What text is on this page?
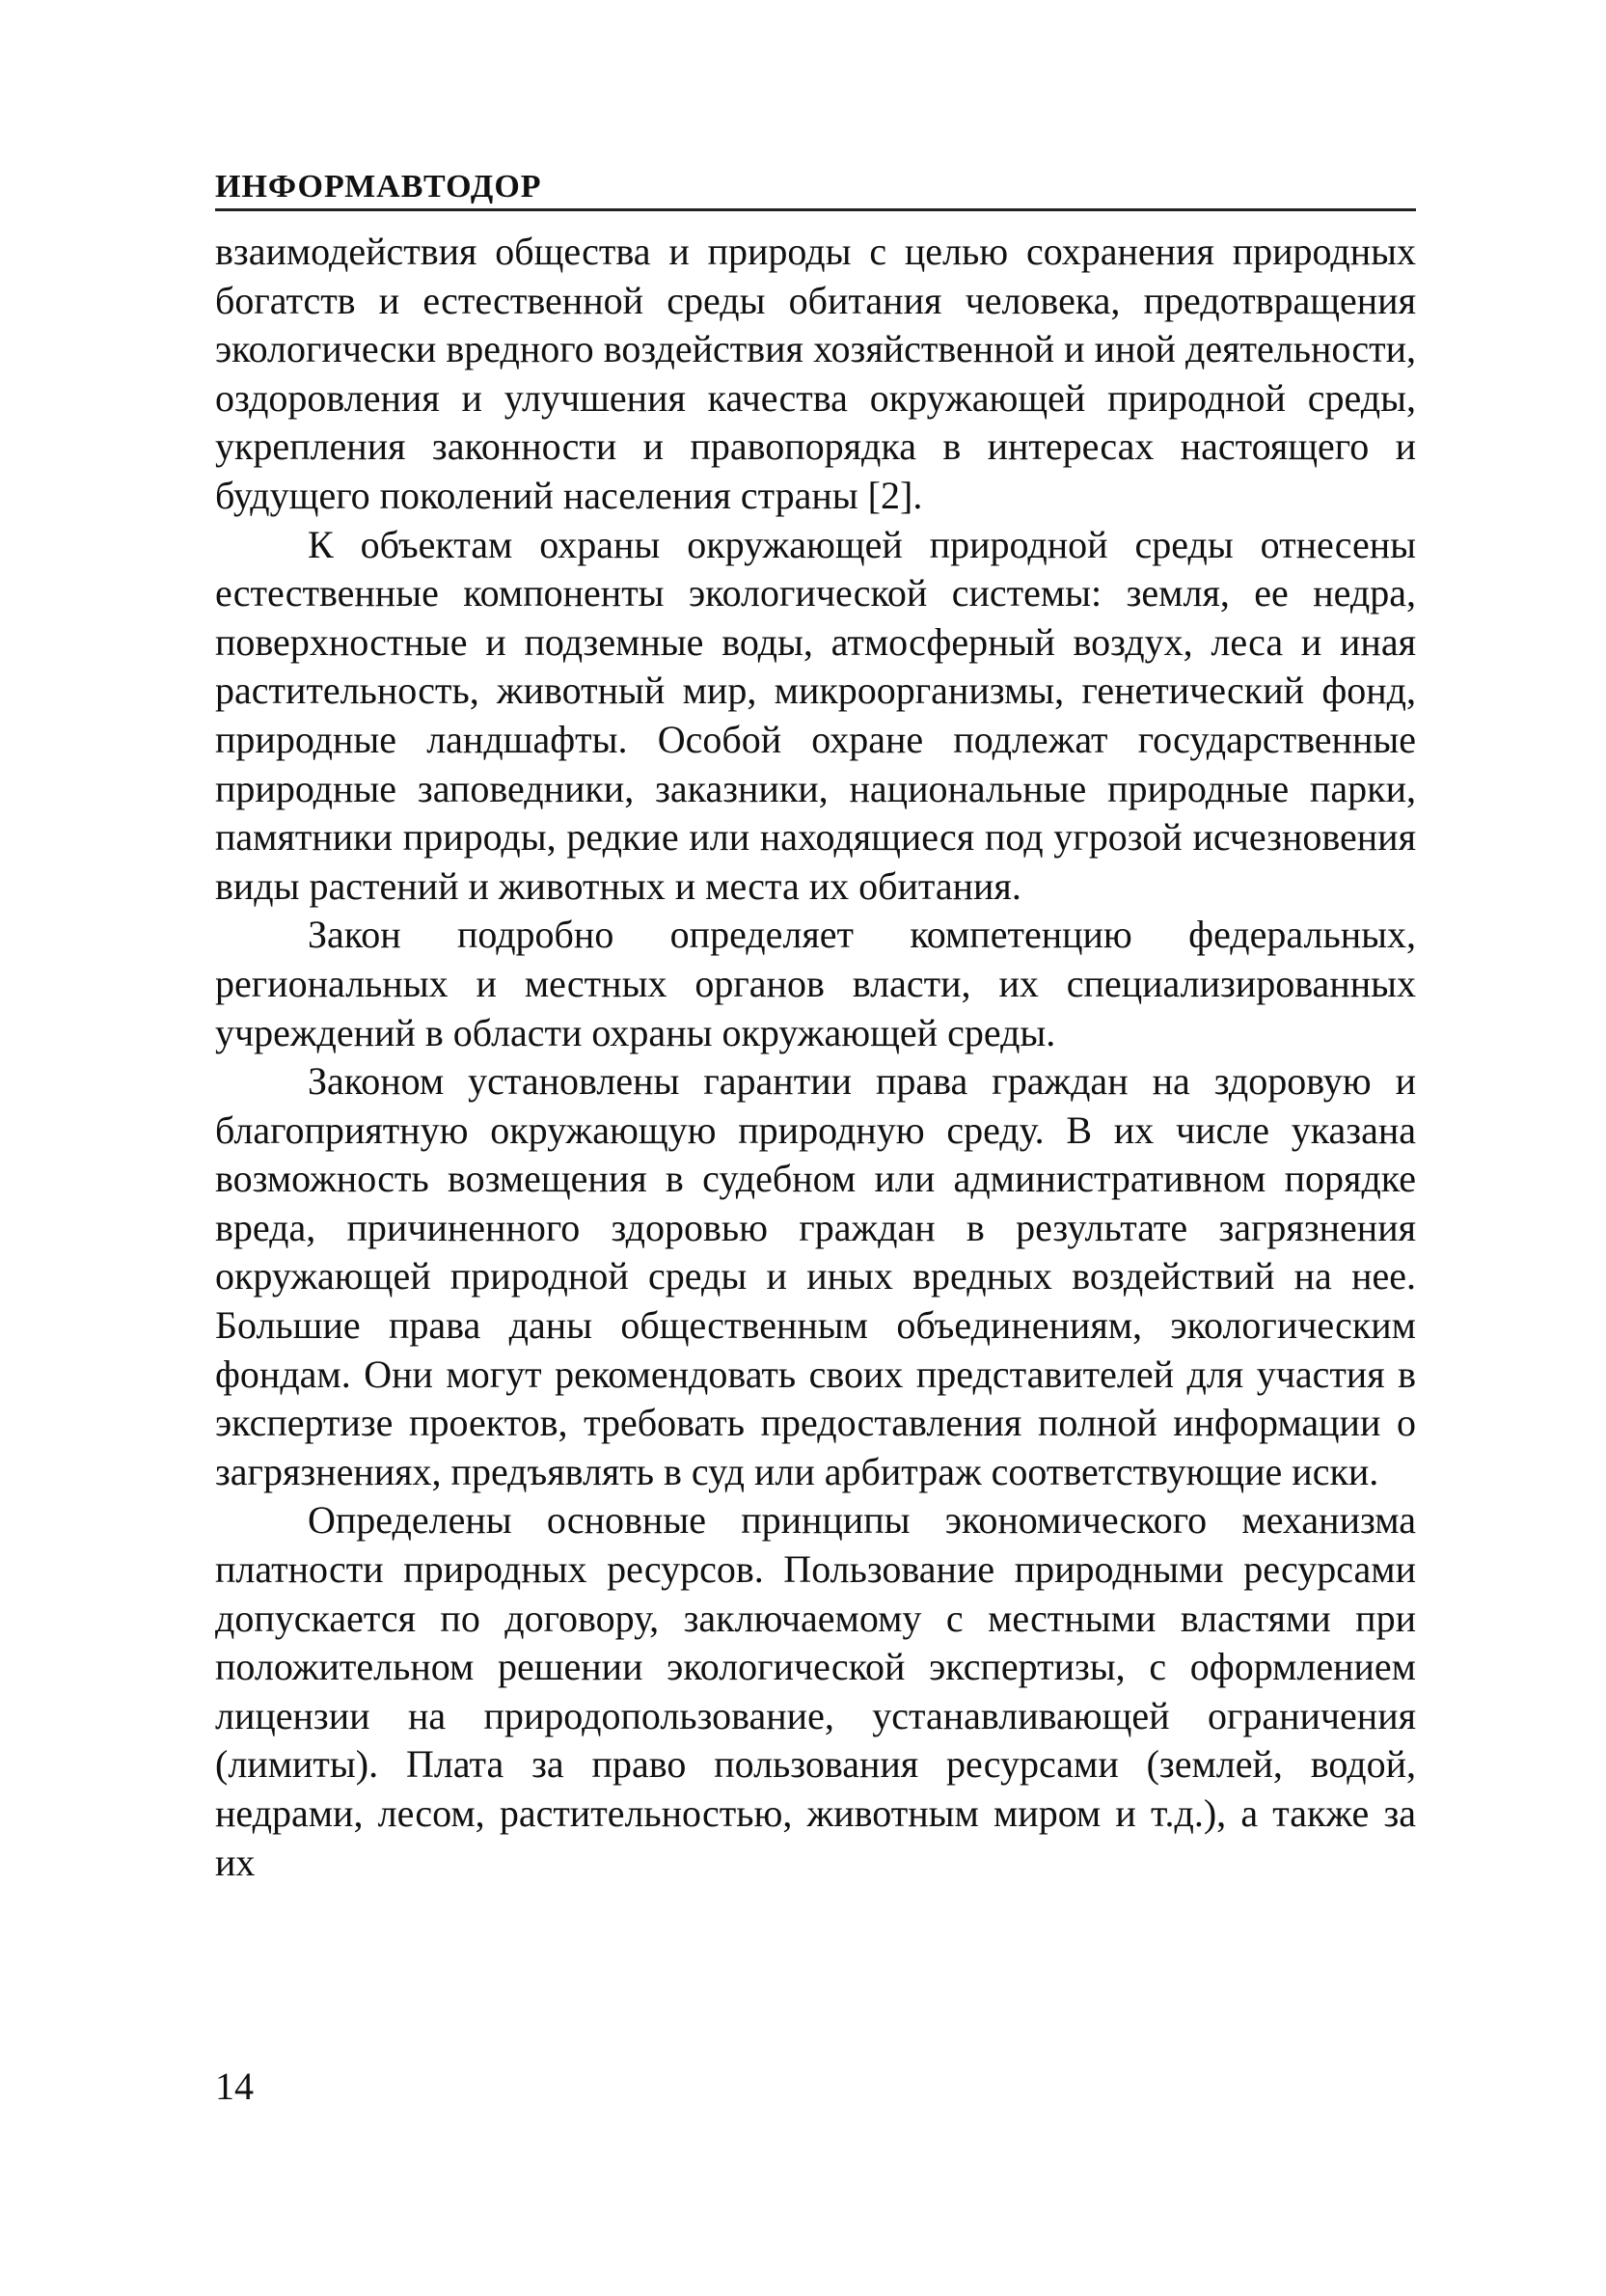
ИНФОРМАВТОДОР

взаимодействия общества и природы с целью сохранения природных богатств и естественной среды обитания человека, предотвращения экологически вредного воздействия хозяйственной и иной деятельности, оздоровления и улучшения качества окружающей природной среды, укрепления законности и правопорядка в интересах настоящего и будущего поколений населения страны [2].

К объектам охраны окружающей природной среды отнесены естественные компоненты экологической системы: земля, ее недра, поверхностные и подземные воды, атмосферный воздух, леса и иная растительность, животный мир, микроорганизмы, генетический фонд, природные ландшафты. Особой охране подлежат государственные природные заповедники, заказники, национальные природные парки, памятники природы, редкие или находящиеся под угрозой исчезновения виды растений и животных и места их обитания.

Закон подробно определяет компетенцию федеральных, региональных и местных органов власти, их специализированных учреждений в области охраны окружающей среды.

Законом установлены гарантии права граждан на здоровую и благоприятную окружающую природную среду. В их числе указана возможность возмещения в судебном или административном порядке вреда, причиненного здоровью граждан в результате загрязнения окружающей природной среды и иных вредных воздействий на нее. Большие права даны общественным объединениям, экологическим фондам. Они могут рекомендовать своих представителей для участия в экспертизе проектов, требовать предоставления полной информации о загрязнениях, предъявлять в суд или арбитраж соответствующие иски.

Определены основные принципы экономического механизма платности природных ресурсов. Пользование природными ресурсами допускается по договору, заключаемому с местными властями при положительном решении экологической экспертизы, с оформлением лицензии на природопользование, устанавливающей ограничения (лимиты). Плата за право пользования ресурсами (землей, водой, недрами, лесом, растительностью, животным миром и т.д.), а также за их

14
